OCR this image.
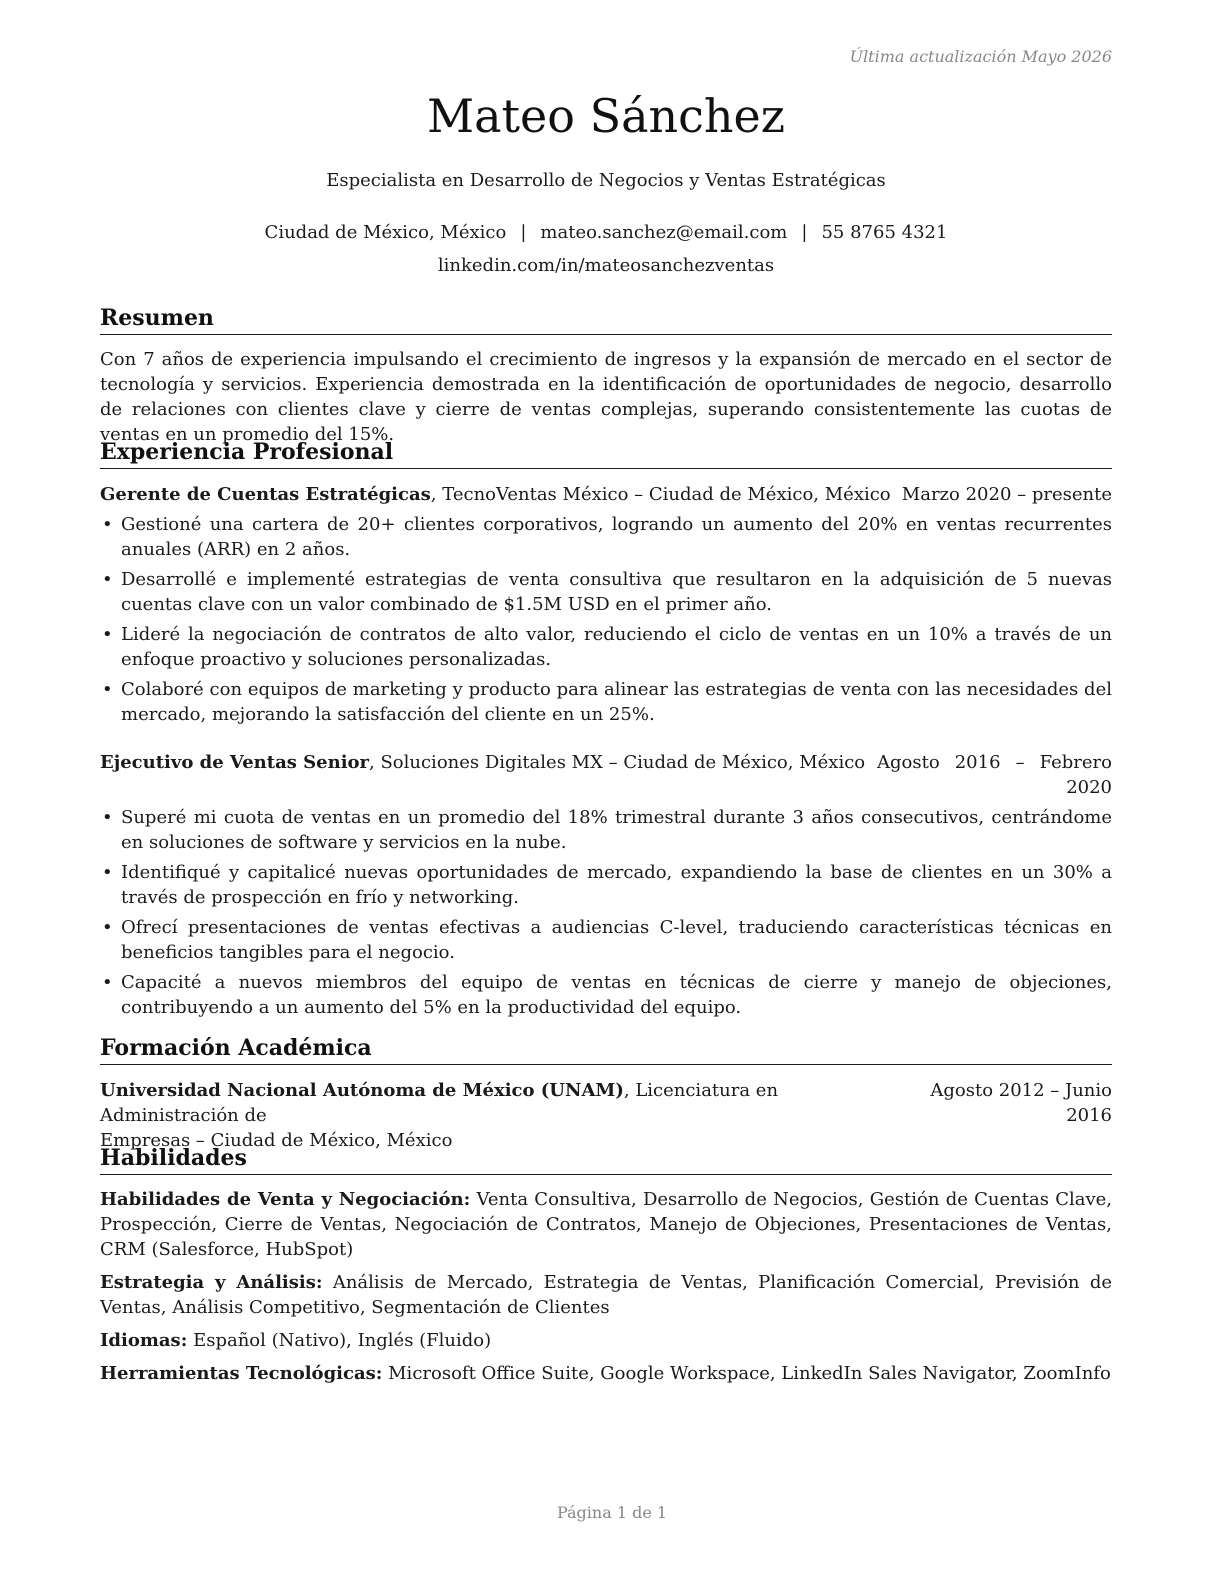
Última actualización Mayo 2026
Mateo Sánchez
Especialista en Desarrollo de Negocios y Ventas Estratégicas
Ciudad de México, México | mateo.sanchez@email.com | 55 8765 4321
linkedin.com/in/mateosanchezventas
Resumen
Con 7 años de experiencia impulsando el crecimiento de ingresos y la expansión de mercado en el sector de tecnología y servicios. Experiencia demostrada en la identificación de oportunidades de negocio, desarrollo de relaciones con clientes clave y cierre de ventas complejas, superando consistentemente las cuotas de ventas en un promedio del 15%.
Experiencia Profesional
Gerente de Cuentas Estratégicas, TecnoVentas México – Ciudad de México, México Marzo 2020 – presente
• Gestioné una cartera de 20+ clientes corporativos, logrando un aumento del 20% en ventas recurrentes anuales (ARR) en 2 años.
• Desarrollé e implementé estrategias de venta consultiva que resultaron en la adquisición de 5 nuevas cuentas clave con un valor combinado de $1.5M USD en el primer año.
• Lideré la negociación de contratos de alto valor, reduciendo el ciclo de ventas en un 10% a través de un enfoque proactivo y soluciones personalizadas.
• Colaboré con equipos de marketing y producto para alinear las estrategias de venta con las necesidades del mercado, mejorando la satisfacción del cliente en un 25%.
Ejecutivo de Ventas Senior, Soluciones Digitales MX – Ciudad de México, México Agosto 2016 – Febrero 2020
• Superé mi cuota de ventas en un promedio del 18% trimestral durante 3 años consecutivos, centrándome en soluciones de software y servicios en la nube.
• Identifiqué y capitalicé nuevas oportunidades de mercado, expandiendo la base de clientes en un 30% a través de prospección en frío y networking.
• Ofrecí presentaciones de ventas efectivas a audiencias C-level, traduciendo características técnicas en beneficios tangibles para el negocio.
• Capacité a nuevos miembros del equipo de ventas en técnicas de cierre y manejo de objeciones, contribuyendo a un aumento del 5% en la productividad del equipo.
Formación Académica
Universidad Nacional Autónoma de México (UNAM), Licenciatura en Administración de
Agosto 2012 – Junio 2016
Empresas – Ciudad de México, México
Habilidades
Habilidades de Venta y Negociación: Venta Consultiva, Desarrollo de Negocios, Gestión de Cuentas Clave, Prospección, Cierre de Ventas, Negociación de Contratos, Manejo de Objeciones, Presentaciones de Ventas, CRM (Salesforce, HubSpot)
Estrategia y Análisis: Análisis de Mercado, Estrategia de Ventas, Planificación Comercial, Previsión de Ventas, Análisis Competitivo, Segmentación de Clientes
Idiomas: Español (Nativo), Inglés (Fluido)
Herramientas Tecnológicas: Microsoft Office Suite, Google Workspace, LinkedIn Sales Navigator, ZoomInfo
Página 1 de 1
